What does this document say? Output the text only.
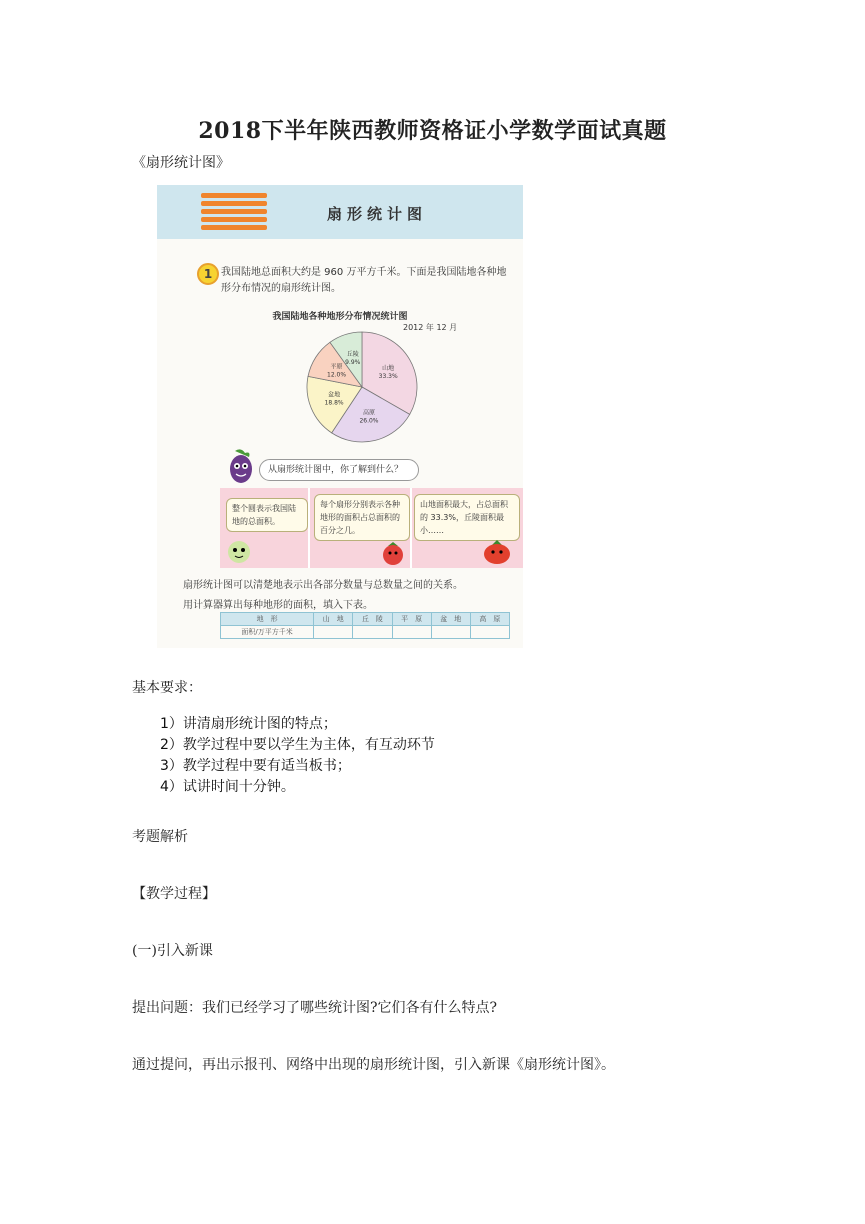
2018下半年陕西教师资格证小学数学面试真题
《扇形统计图》
扇形统计图
1 我国陆地总面积大约是 960 万平方千米。下面是我国陆地各种地形分布情况的扇形统计图。
我国陆地各种地形分布情况统计图
2012 年 12 月
山地
33.3%
高原
26.0%
盆地
18.8%
平原
12.0%
丘陵
9.9%
从扇形统计图中，你了解到什么？
整个圆表示我国陆地的总面积。
每个扇形分别表示各种地形的面积占总面积的百分之几。
山地面积最大，占总面积的 33.3%，丘陵面积最小……
扇形统计图可以清楚地表示出各部分数量与总数量之间的关系。
用计算器算出每种地形的面积，填入下表。
地　形	山　地	丘　陵	平　原	盆　地	高　原
面积/万平方千米					
基本要求：
1）讲清扇形统计图的特点；
2）教学过程中要以学生为主体，有互动环节
3）教学过程中要有适当板书；
4）试讲时间十分钟。
考题解析
【教学过程】
(一)引入新课
提出问题：我们已经学习了哪些统计图?它们各有什么特点?
通过提问，再出示报刊、网络中出现的扇形统计图，引入新课《扇形统计图》。
